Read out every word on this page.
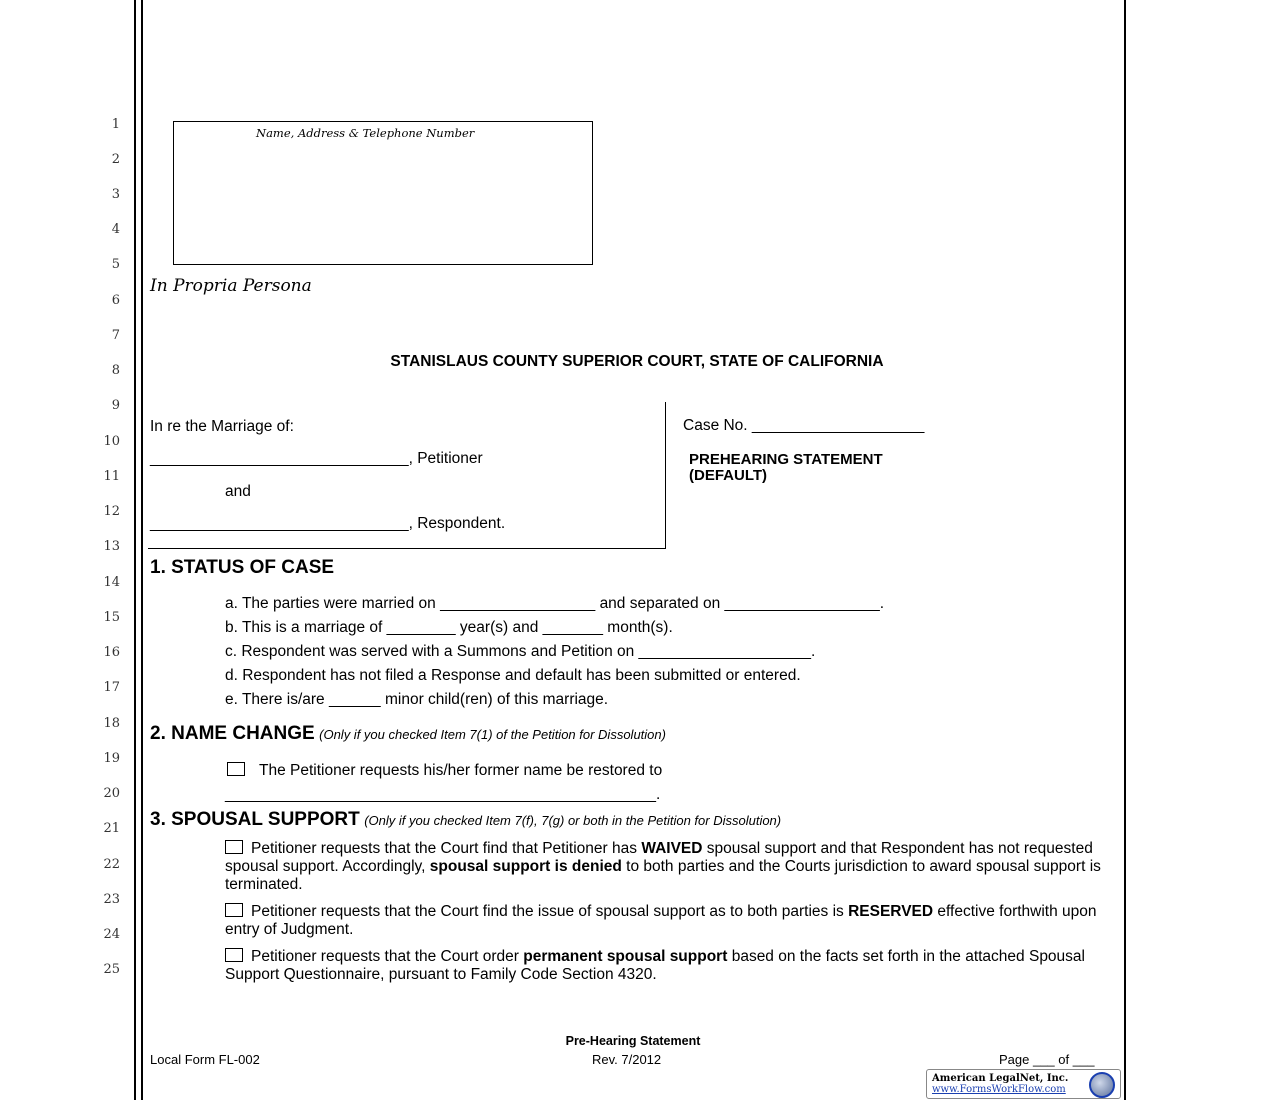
1
2
3
4
5
6
7
8
9
10
11
12
13
14
15
16
17
18
19
20
21
22
23
24
25
Name, Address & Telephone Number
In Propria Persona
STANISLAUS COUNTY SUPERIOR COURT, STATE OF CALIFORNIA
In re the Marriage of:
______________________________, Petitioner
and
______________________________, Respondent.
Case No. ____________________
PREHEARING STATEMENT
(DEFAULT)
1. STATUS OF CASE
a. The parties were married on __________________ and separated on __________________.
b. This is a marriage of ________ year(s) and _______ month(s).
c. Respondent was served with a Summons and Petition on ____________________.
d. Respondent has not filed a Response and default has been submitted or entered.
e. There is/are ______ minor child(ren) of this marriage.
2. NAME CHANGE (Only if you checked Item 7(1) of the Petition for Dissolution)
The Petitioner requests his/her former name be restored to
__________________________________________________.
3. SPOUSAL SUPPORT (Only if you checked Item 7(f), 7(g) or both in the Petition for Dissolution)
Petitioner requests that the Court find that Petitioner has WAIVED spousal support and that Respondent has not requested spousal support. Accordingly, spousal support is denied to both parties and the Courts jurisdiction to award spousal support is terminated.
Petitioner requests that the Court find the issue of spousal support as to both parties is RESERVED effective forthwith upon entry of Judgment.
Petitioner requests that the Court order permanent spousal support based on the facts set forth in the attached Spousal Support Questionnaire, pursuant to Family Code Section 4320.
Pre-Hearing Statement
Local Form FL-002	Rev. 7/2012	Page ___ of ___
American LegalNet, Inc.
www.FormsWorkFlow.com
